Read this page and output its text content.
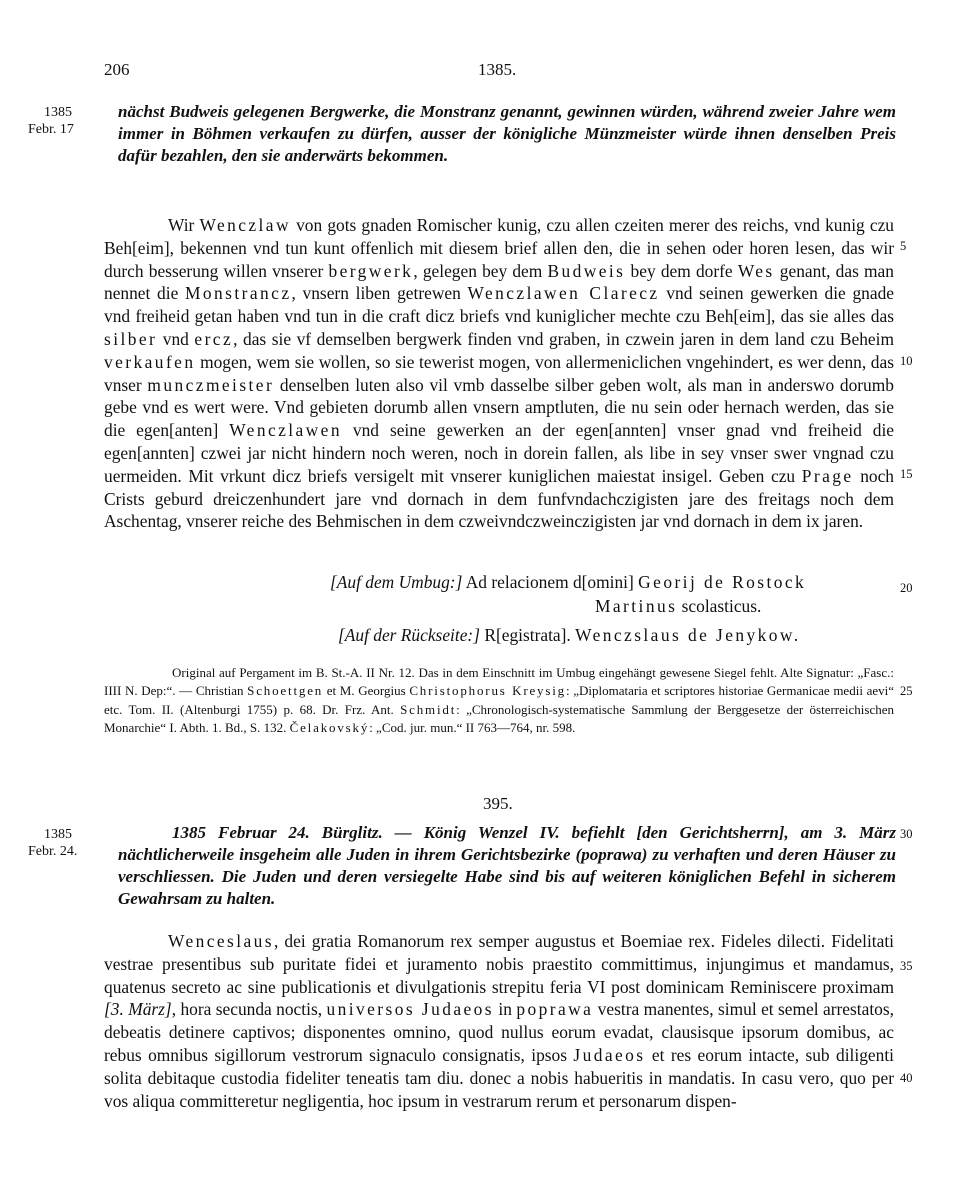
206	1385.
1385
Febr. 17
nächst Budweis gelegenen Bergwerke, die Monstranz genannt, gewinnen würden, während zweier Jahre wem immer in Böhmen verkaufen zu dürfen, ausser der königliche Münzmeister würde ihnen denselben Preis dafür bezahlen, den sie anderwärts bekommen.

Wir Wenczlaw von gots gnaden Romischer kunig, czu allen czeiten merer des reichs, vnd kunig czu Beh[eim], bekennen vnd tun kunt offenlich mit diesem brief allen den, die in sehen oder horen lesen, das wir durch besserung willen vnserer bergwerk, gelegen bey dem Budweis bey dem dorfe Wes genant, das man nennet die Monstrancz, vnsern liben getrewen Wenczlawen Clarecz vnd seinen gewerken die gnade vnd freiheid getan haben vnd tun in die craft dicz briefs vnd kuniglicher mechte czu Beh[eim], das sie alles das silber vnd ercz, das sie vf demselben bergwerk finden vnd graben, in czwein jaren in dem land czu Beheim verkaufen mogen, wem sie wollen, so sie tewerist mogen, von allermeniclichen vngehindert, es wer denn, das vnser munczmeister denselben luten also vil vmb dasselbe silber geben wolt, als man in anderswo dorumb gebe vnd es wert were. Vnd gebieten dorumb allen vnsern amptluten, die nu sein oder hernach werden, das sie die egen[anten] Wenczlawen vnd seine gewerken an der egen[annten] vnser gnad vnd freiheid die egen[annten] czwei jar nicht hindern noch weren, noch in dorein fallen, als libe in sey vnser swer vngnad czu uermeiden. Mit vrkunt dicz briefs versigelt mit vnserer kuniglichen maiestat insigel. Geben czu Prage noch Crists geburd dreiczenhundert jare vnd dornach in dem funfvndachczigisten jare des freitags noch dem Aschentag, vnserer reiche des Behmischen in dem czweivndczweinczigisten jar vnd dornach in dem ix jaren.

[Auf dem Umbug:] Ad relacionem d[omini] Georij de Rostock
Martinus scolasticus.
[Auf der Rückseite:] R[egistrata]. Wenczslaus de Jenykow.

Original auf Pergament im B. St.-A. II Nr. 12. Das in dem Einschnitt im Umbug eingehängt gewesene Siegel fehlt. Alte Signatur: „Fasc.: IIII N. Dep:“. — Christian Schoettgen et M. Georgius Christophorus Kreysig: „Diplomataria et scriptores historiae Germanicae medii aevi“ etc. Tom. II. (Altenburgi 1755) p. 68. Dr. Frz. Ant. Schmidt: „Chronologisch-systematische Sammlung der Berggesetze der österreichischen Monarchie“ I. Abth. 1. Bd., S. 132. Čelakovský: „Cod. jur. mun.“ II 763—764, nr. 598.

395.
1385
Febr. 24.
1385 Februar 24. Bürglitz. — König Wenzel IV. befiehlt [den Gerichtsherrn], am 3. März nächtlicherweile insgeheim alle Juden in ihrem Gerichtsbezirke (poprawa) zu verhaften und deren Häuser zu verschliessen. Die Juden und deren versiegelte Habe sind bis auf weiteren königlichen Befehl in sicherem Gewahrsam zu halten.

Wenceslaus, dei gratia Romanorum rex semper augustus et Boemiae rex. Fideles dilecti. Fidelitati vestrae presentibus sub puritate fidei et juramento nobis praestito committimus, injungimus et mandamus, quatenus secreto ac sine publicationis et divulgationis strepitu feria VI post dominicam Reminiscere proximam [3. März], hora secunda noctis, universos Judaeos in poprawa vestra manentes, simul et semel arrestatos, debeatis detinere captivos; disponentes omnino, quod nullus eorum evadat, clausisque ipsorum domibus, ac rebus omnibus sigillorum vestrorum signaculo consignatis, ipsos Judaeos et res eorum intacte, sub diligenti solita debitaque custodia fideliter teneatis tam diu. donec a nobis habueritis in mandatis. In casu vero, quo per vos aliqua committeretur negligentia, hoc ipsum in vestrarum rerum et personarum dispen-

5
10
15
20
25
30
35
40
